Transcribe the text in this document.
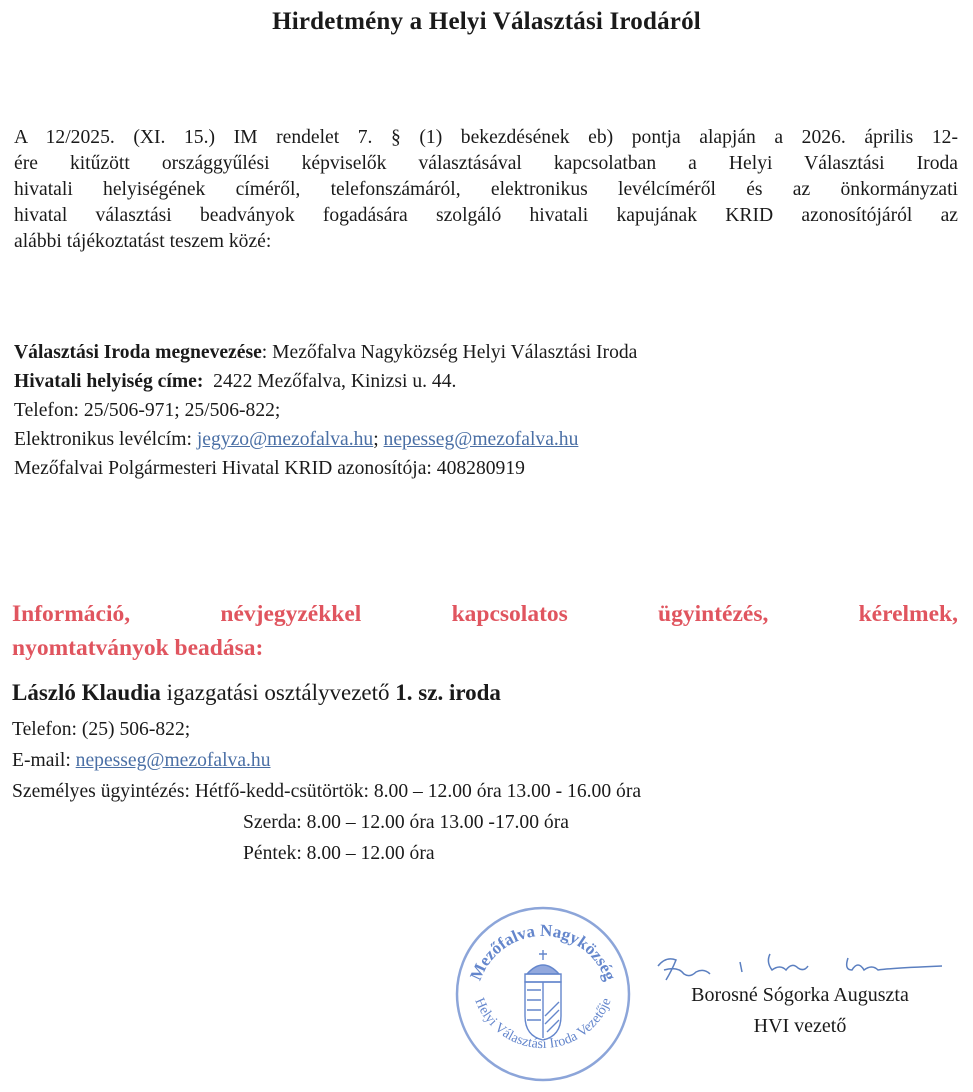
Hirdetmény a Helyi Választási Irodáról
A 12/2025. (XI. 15.) IM rendelet 7. § (1) bekezdésének eb) pontja alapján a 2026. április 12-
ére kitűzött országgyűlési képviselők választásával kapcsolatban a Helyi Választási Iroda
hivatali helyiségének címéről, telefonszámáról, elektronikus levélcíméről és az önkormányzati
hivatal választási beadványok fogadására szolgáló hivatali kapujának KRID azonosítójáról az
alábbi tájékoztatást teszem közé:
Választási Iroda megnevezése: Mezőfalva Nagyközség Helyi Választási Iroda
Hivatali helyiség címe:  2422 Mezőfalva, Kinizsi u. 44.
Telefon: 25/506-971; 25/506-822;
Elektronikus levélcím: jegyzo@mezofalva.hu; nepesseg@mezofalva.hu
Mezőfalvai Polgármesteri Hivatal KRID azonosítója: 408280919
Információ,	névjegyzékkel	kapcsolatos	ügyintézés,	kérelmek,
nyomtatványok beadása:
László Klaudia igazgatási osztályvezető 1. sz. iroda
Telefon: (25) 506-822;
E-mail: nepesseg@mezofalva.hu
Személyes ügyintézés: Hétfő-kedd-csütörtök: 8.00 – 12.00 óra 13.00 - 16.00 óra
Szerda: 8.00 – 12.00 óra 13.00 -17.00 óra
Péntek: 8.00 – 12.00 óra
Mezőfalva Nagyközség
Helyi Választási Iroda Vezetője	Borosné Sógorka Auguszta
HVI vezető
